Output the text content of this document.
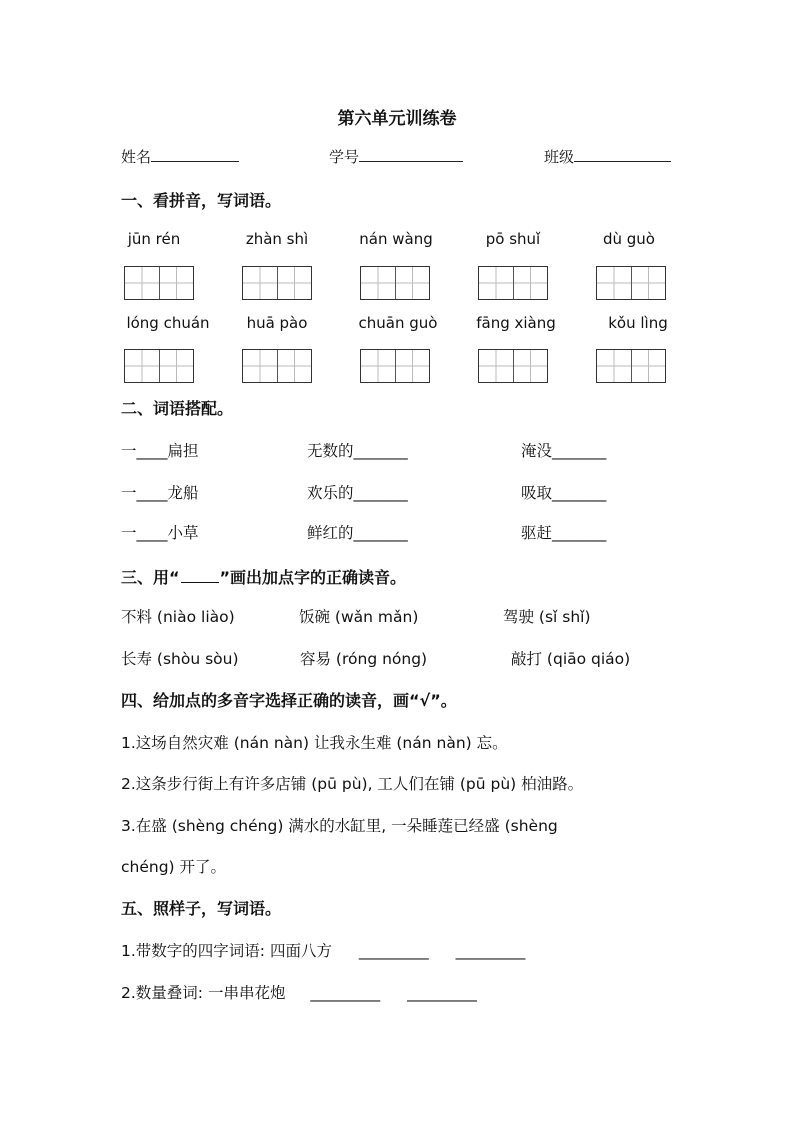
第六单元训练卷
姓名	学号	班级
一、看拼音，写词语。
jūn rén	zhàn shì	nán wàng	pō shuǐ	dù guò
lóng chuán	huā pào	chuān guò	fāng xiàng	kǒu lìng
二、词语搭配。
一____扁担	无数的_______	淹没_______
一____龙船	欢乐的_______	吸取_______
一____小草	鲜红的_______	驱赶_______
三、用“	”画出加点字的正确读音。
不料 (niào liào)	饭碗 (wǎn mǎn)	驾驶 (sǐ shǐ)
长寿 (shòu sòu)	容易 (róng nóng)	敲打 (qiāo qiáo)
四、给加点的多音字选择正确的读音，画“√”。
1.这场自然灾难 (nán nàn) 让我永生难 (nán nàn) 忘。
2.这条步行街上有许多店铺 (pū pù), 工人们在铺 (pū pù) 柏油路。
3.在盛 (shèng chéng) 满水的水缸里, 一朵睡莲已经盛 (shèng
chéng) 开了。
五、照样子，写词语。
1.带数字的四字词语: 四面八方 _________ _________
2.数量叠词: 一串串花炮 _________ _________
